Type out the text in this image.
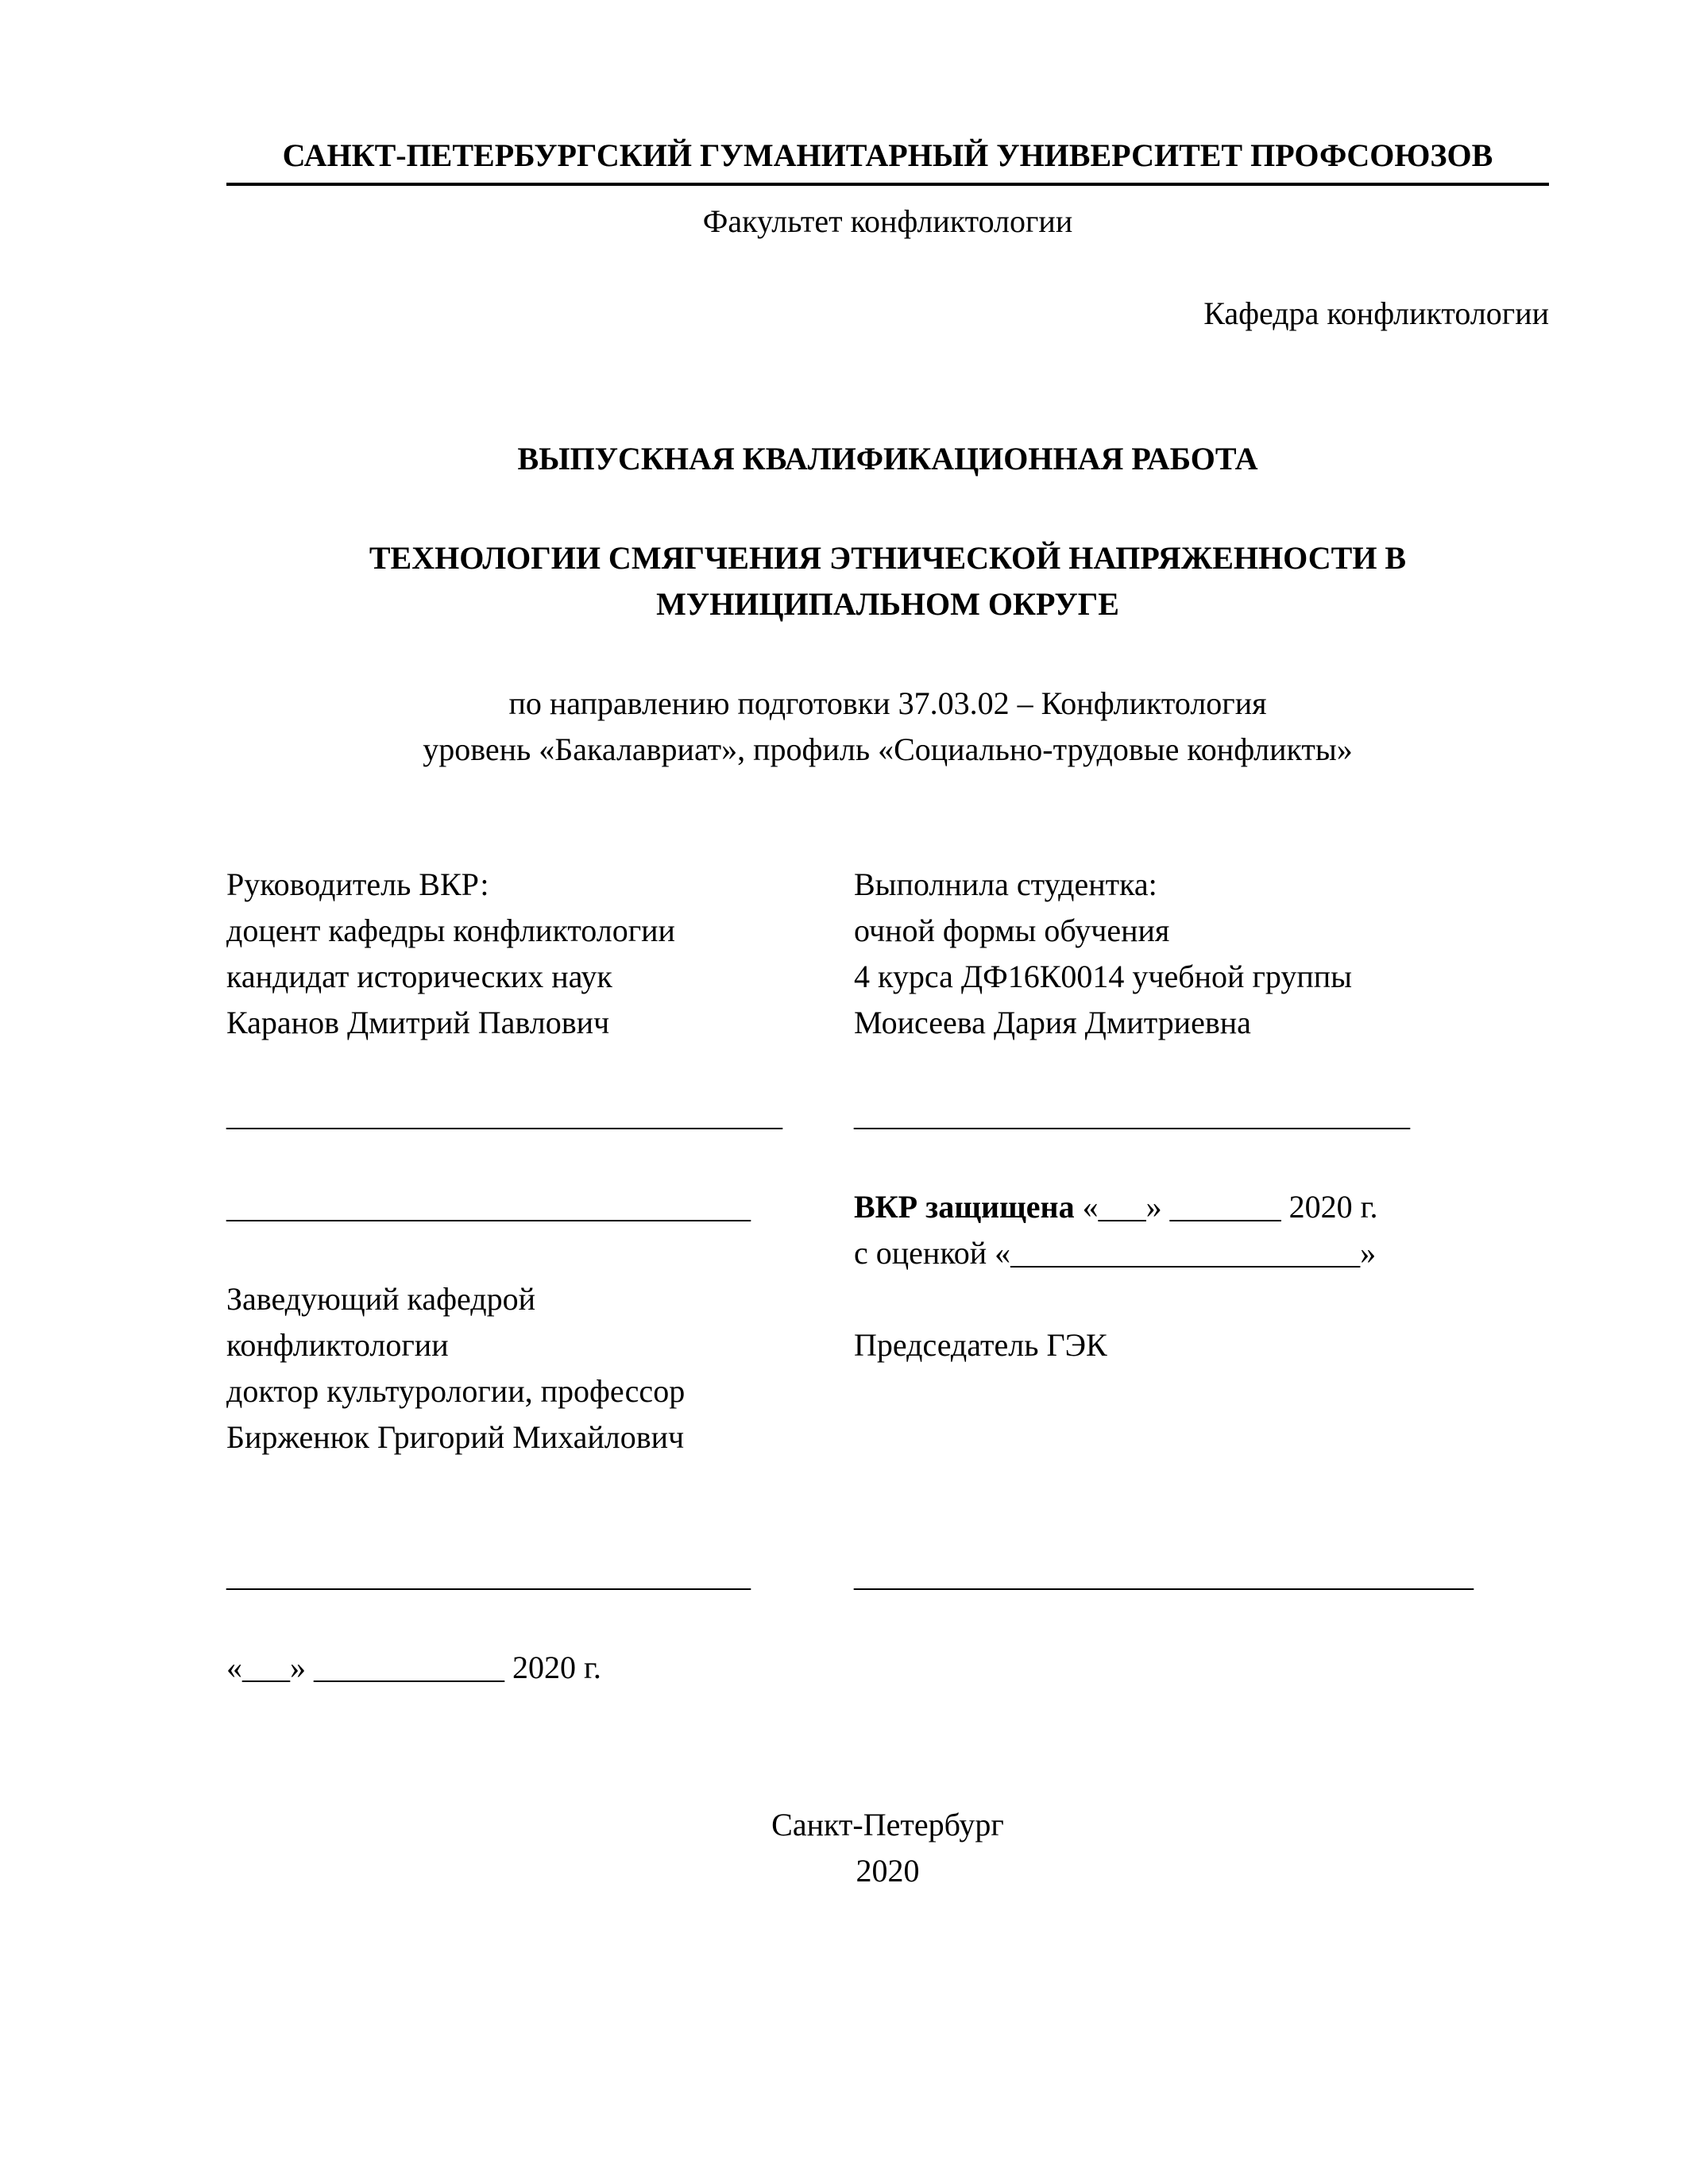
САНКТ-ПЕТЕРБУРГСКИЙ ГУМАНИТАРНЫЙ УНИВЕРСИТЕТ ПРОФСОЮЗОВ
Факультет конфликтологии
Кафедра конфликтологии
ВЫПУСКНАЯ КВАЛИФИКАЦИОННАЯ РАБОТА
ТЕХНОЛОГИИ СМЯГЧЕНИЯ ЭТНИЧЕСКОЙ НАПРЯЖЕННОСТИ В
МУНИЦИПАЛЬНОМ ОКРУГЕ
по направлению подготовки 37.03.02 – Конфликтология
уровень «Бакалавриат», профиль «Социально-трудовые конфликты»
Руководитель ВКР:
доцент кафедры конфликтологии
кандидат исторических наук
Каранов Дмитрий Павлович
___________________________________
_________________________________
Заведующий кафедрой
конфликтологии
доктор культурологии, профессор
Бирженюк Григорий Михайлович
_________________________________
«___» ____________ 2020 г.
Выполнила студентка:
очной формы обучения
4 курса ДФ16К0014 учебной группы
Моисеева Дария Дмитриевна
___________________________________
ВКР защищена «___» _______ 2020 г.
с оценкой «______________________»
Председатель ГЭК
_______________________________________
Санкт-Петербург
2020
